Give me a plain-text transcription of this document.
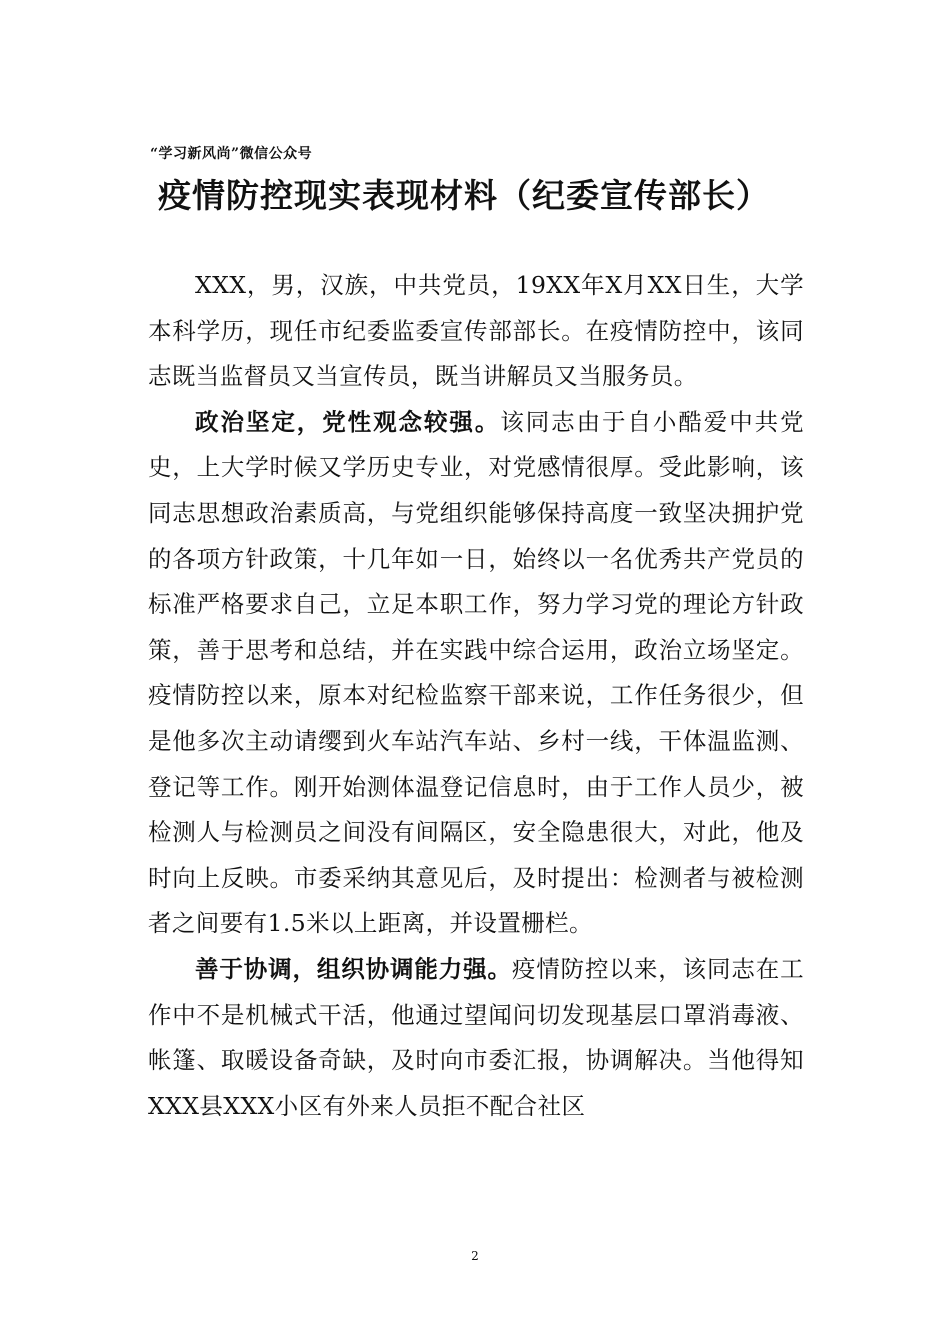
“学习新风尚”微信公众号
疫情防控现实表现材料（纪委宣传部长）

XXX，男，汉族，中共党员，19XX年X月XX日生，大学本科学历，现任市纪委监委宣传部部长。在疫情防控中，该同志既当监督员又当宣传员，既当讲解员又当服务员。

政治坚定，党性观念较强。该同志由于自小酷爱中共党史，上大学时候又学历史专业，对党感情很厚。受此影响，该同志思想政治素质高，与党组织能够保持高度一致坚决拥护党的各项方针政策，十几年如一日，始终以一名优秀共产党员的标准严格要求自己，立足本职工作，努力学习党的理论方针政策，善于思考和总结，并在实践中综合运用，政治立场坚定。疫情防控以来，原本对纪检监察干部来说，工作任务很少，但是他多次主动请缨到火车站汽车站、乡村一线，干体温监测、登记等工作。刚开始测体温登记信息时，由于工作人员少，被检测人与检测员之间没有间隔区，安全隐患很大，对此，他及时向上反映。市委采纳其意见后，及时提出：检测者与被检测者之间要有1.5米以上距离，并设置栅栏。

善于协调，组织协调能力强。疫情防控以来，该同志在工作中不是机械式干活，他通过望闻问切发现基层口罩消毒液、帐篷、取暖设备奇缺，及时向市委汇报，协调解决。当他得知XXX县XXX小区有外来人员拒不配合社区

2
